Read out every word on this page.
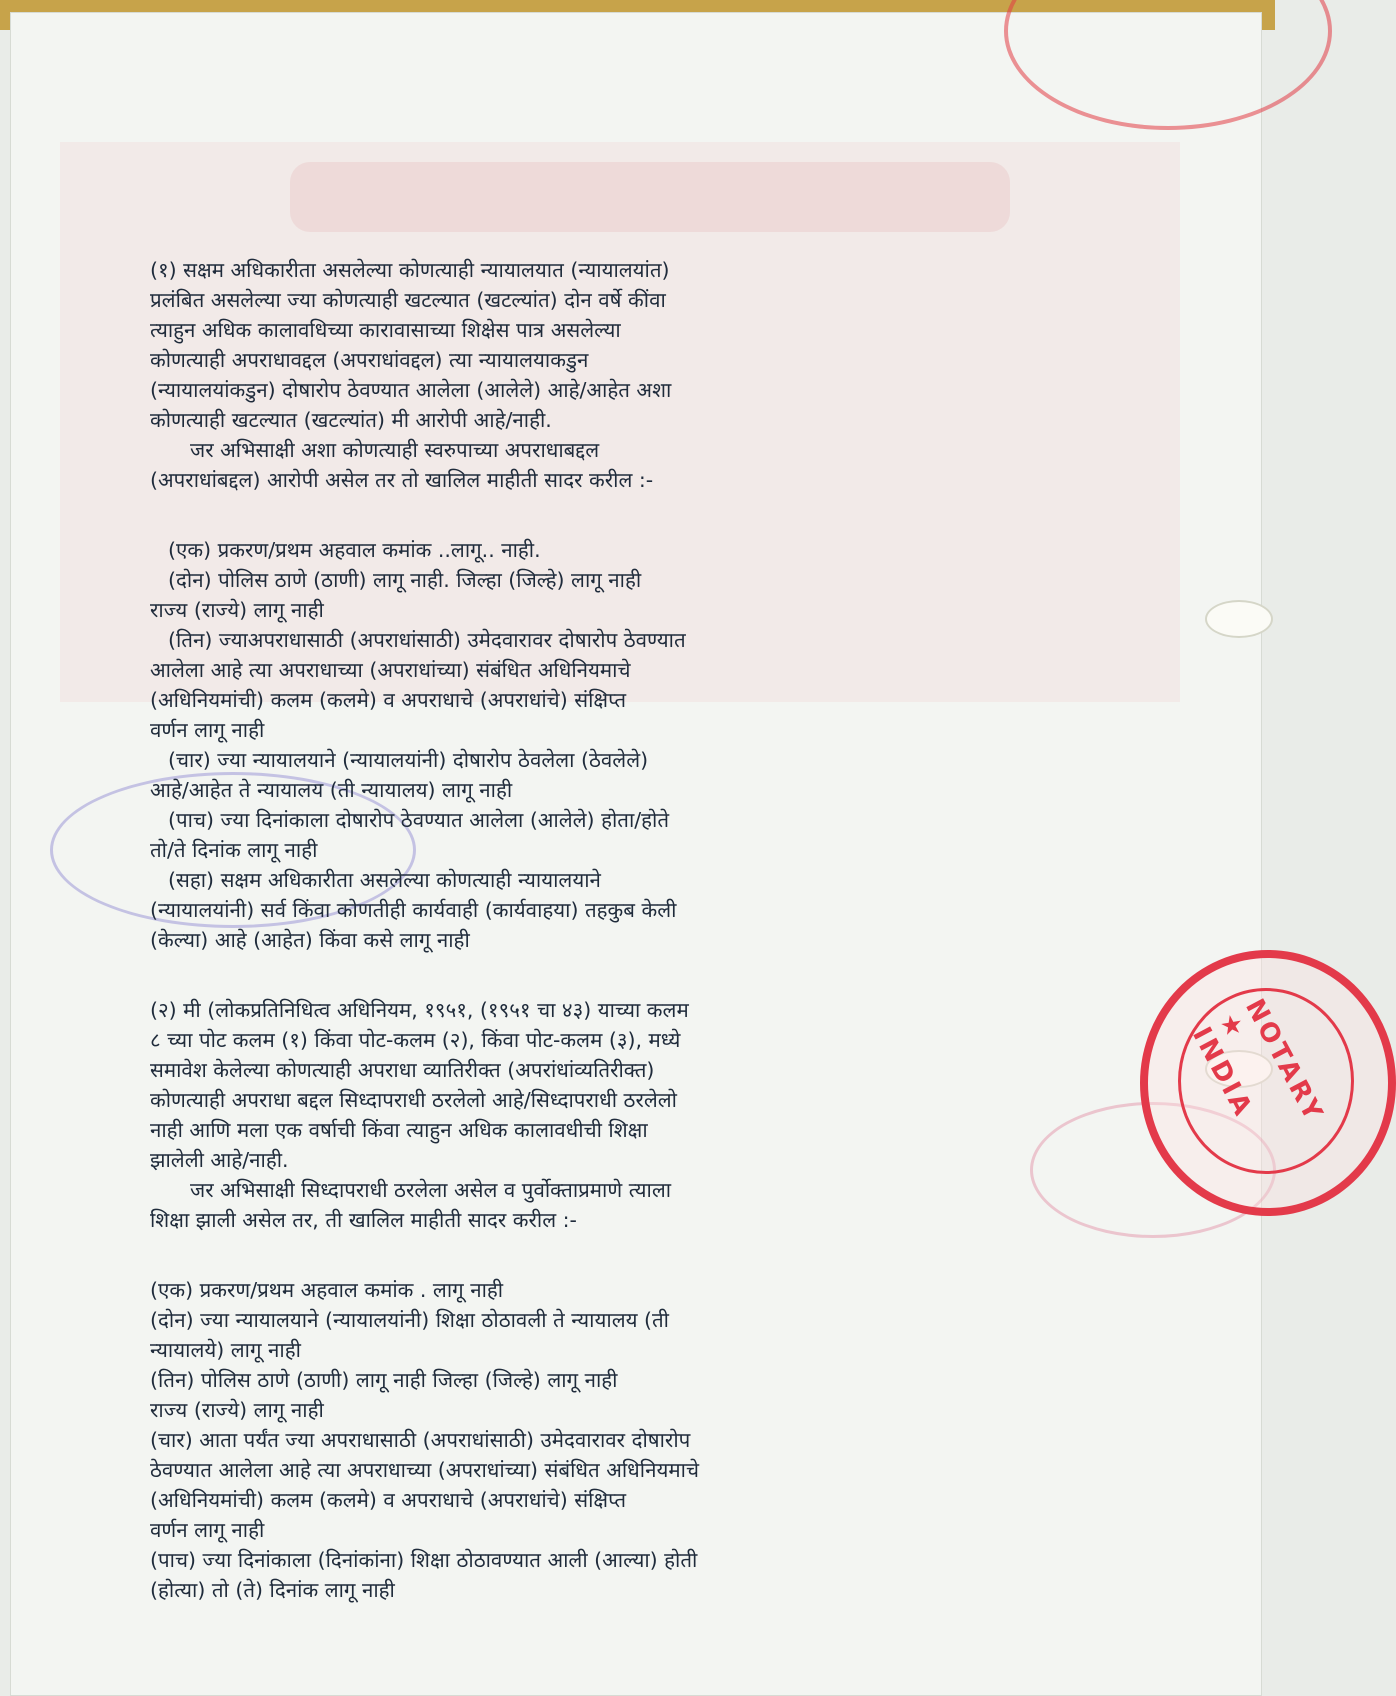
NOTARY ★ INDIA
(१) सक्षम अधिकारीता असलेल्या कोणत्याही न्यायालयात (न्यायालयांत)
प्रलंबित असलेल्या ज्या कोणत्याही खटल्यात (खटल्यांत) दोन वर्षे कींवा
त्याहुन अधिक कालावधिच्या कारावासाच्या शिक्षेस पात्र असलेल्या
कोणत्याही अपराधावद्दल (अपराधांवद्दल) त्या न्यायालयाकडुन
(न्यायालयांकडुन) दोषारोप ठेवण्यात आलेला (आलेले) आहे/आहेत अशा
कोणत्याही खटल्यात (खटल्यांत) मी आरोपी आहे/नाही.
जर अभिसाक्षी अशा कोणत्याही स्वरुपाच्या अपराधाबद्दल
(अपराधांबद्दल) आरोपी असेल तर तो खालिल माहीती सादर करील :-
(एक) प्रकरण/प्रथम अहवाल कमांक ..लागू.. नाही.
(दोन) पोलिस ठाणे (ठाणी) लागू नाही. जिल्हा (जिल्हे) लागू नाही
राज्य (राज्ये) लागू नाही
(तिन) ज्याअपराधासाठी (अपराधांसाठी) उमेदवारावर दोषारोप ठेवण्यात
आलेला आहे त्या अपराधाच्या (अपराधांच्या) संबंधित अधिनियमाचे
(अधिनियमांची) कलम (कलमे) व अपराधाचे (अपराधांचे) संक्षिप्त
वर्णन लागू नाही
(चार) ज्या न्यायालयाने (न्यायालयांनी) दोषारोप ठेवलेला (ठेवलेले)
आहे/आहेत ते न्यायालय (ती न्यायालय) लागू नाही
(पाच) ज्या दिनांकाला दोषारोप ठेवण्यात आलेला (आलेले) होता/होते
तो/ते दिनांक लागू नाही
(सहा) सक्षम अधिकारीता असलेल्या कोणत्याही न्यायालयाने
(न्यायालयांनी) सर्व किंवा कोणतीही कार्यवाही (कार्यवाहया) तहकुब केली
(केल्या) आहे (आहेत) किंवा कसे लागू नाही
(२) मी (लोकप्रतिनिधित्व अधिनियम, १९५१, (१९५१ चा ४३) याच्या कलम
८ च्या पोट कलम (१) किंवा पोट-कलम (२), किंवा पोट-कलम (३), मध्ये
समावेश केलेल्या कोणत्याही अपराधा व्यातिरीक्त (अपरांधांव्यतिरीक्त)
कोणत्याही अपराधा बद्दल सिध्दापराधी ठरलेलो आहे/सिध्दापराधी ठरलेलो
नाही आणि मला एक वर्षाची किंवा त्याहुन अधिक कालावधीची शिक्षा
झालेली आहे/नाही.
जर अभिसाक्षी सिध्दापराधी ठरलेला असेल व पुर्वोक्ताप्रमाणे त्याला
शिक्षा झाली असेल तर, ती खालिल माहीती सादर करील :-
(एक) प्रकरण/प्रथम अहवाल कमांक . लागू नाही
(दोन) ज्या न्यायालयाने (न्यायालयांनी) शिक्षा ठोठावली ते न्यायालय (ती
न्यायालये) लागू नाही
(तिन) पोलिस ठाणे (ठाणी) लागू नाही जिल्हा (जिल्हे) लागू नाही
राज्य (राज्ये) लागू नाही
(चार) आता पर्यंत ज्या अपराधासाठी (अपराधांसाठी) उमेदवारावर दोषारोप
ठेवण्यात आलेला आहे त्या अपराधाच्या (अपराधांच्या) संबंधित अधिनियमाचे
(अधिनियमांची) कलम (कलमे) व अपराधाचे (अपराधांचे) संक्षिप्त
वर्णन लागू नाही
(पाच) ज्या दिनांकाला (दिनांकांना) शिक्षा ठोठावण्यात आली (आल्या) होती
(होत्या) तो (ते) दिनांक लागू नाही
